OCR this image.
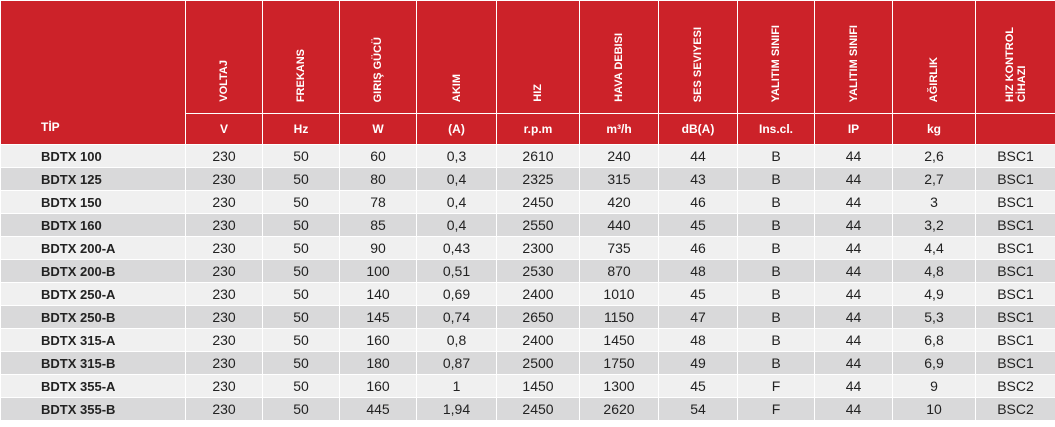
TİP	VOLTAJ	FREKANS	GIRIŞ GÜCÜ	AKIM	HIZ	HAVA DEBISI	SES SEVIYESI	YALITIM SINIFI	YALITIM SINIFI	AĞIRLIK	HIZ KONTROL
CİHAZI
	V	Hz	W	(A)	r.p.m	m³/h	dB(A)	Ins.cl.	IP	kg	
BDTX 100	230	50	60	0,3	2610	240	44	B	44	2,6	BSC1
BDTX 125	230	50	80	0,4	2325	315	43	B	44	2,7	BSC1
BDTX 150	230	50	78	0,4	2450	420	46	B	44	3	BSC1
BDTX 160	230	50	85	0,4	2550	440	45	B	44	3,2	BSC1
BDTX 200-A	230	50	90	0,43	2300	735	46	B	44	4,4	BSC1
BDTX 200-B	230	50	100	0,51	2530	870	48	B	44	4,8	BSC1
BDTX 250-A	230	50	140	0,69	2400	1010	45	B	44	4,9	BSC1
BDTX 250-B	230	50	145	0,74	2650	1150	47	B	44	5,3	BSC1
BDTX 315-A	230	50	160	0,8	2400	1450	48	B	44	6,8	BSC1
BDTX 315-B	230	50	180	0,87	2500	1750	49	B	44	6,9	BSC1
BDTX 355-A	230	50	160	1	1450	1300	45	F	44	9	BSC2
BDTX 355-B	230	50	445	1,94	2450	2620	54	F	44	10	BSC2
